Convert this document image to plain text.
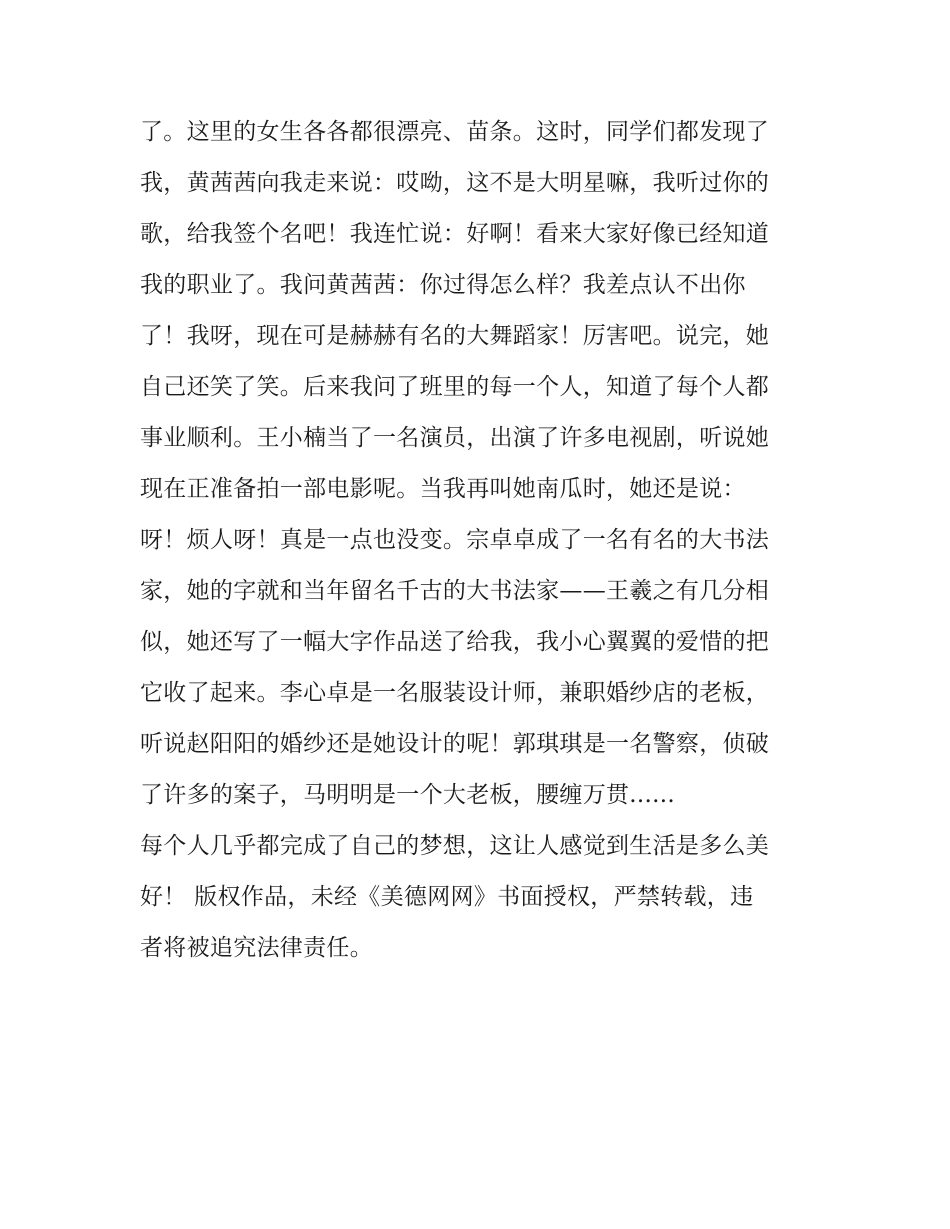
了。这里的女生各各都很漂亮、苗条。这时，同学们都发现了
我，黄茜茜向我走来说：哎呦，这不是大明星嘛，我听过你的
歌，给我签个名吧！我连忙说：好啊！看来大家好像已经知道
我的职业了。我问黄茜茜：你过得怎么样？我差点认不出你
了！我呀，现在可是赫赫有名的大舞蹈家！厉害吧。说完，她
自己还笑了笑。后来我问了班里的每一个人，知道了每个人都
事业顺利。王小楠当了一名演员，出演了许多电视剧，听说她
现在正准备拍一部电影呢。当我再叫她南瓜时，她还是说：
呀！烦人呀！真是一点也没变。宗卓卓成了一名有名的大书法
家，她的字就和当年留名千古的大书法家——王羲之有几分相
似，她还写了一幅大字作品送了给我，我小心翼翼的爱惜的把
它收了起来。李心卓是一名服装设计师，兼职婚纱店的老板，
听说赵阳阳的婚纱还是她设计的呢！郭琪琪是一名警察，侦破
了许多的案子，马明明是一个大老板，腰缠万贯......
每个人几乎都完成了自己的梦想，这让人感觉到生活是多么美
好！ 版权作品，未经《美德网网》书面授权，严禁转载，违
者将被追究法律责任。
